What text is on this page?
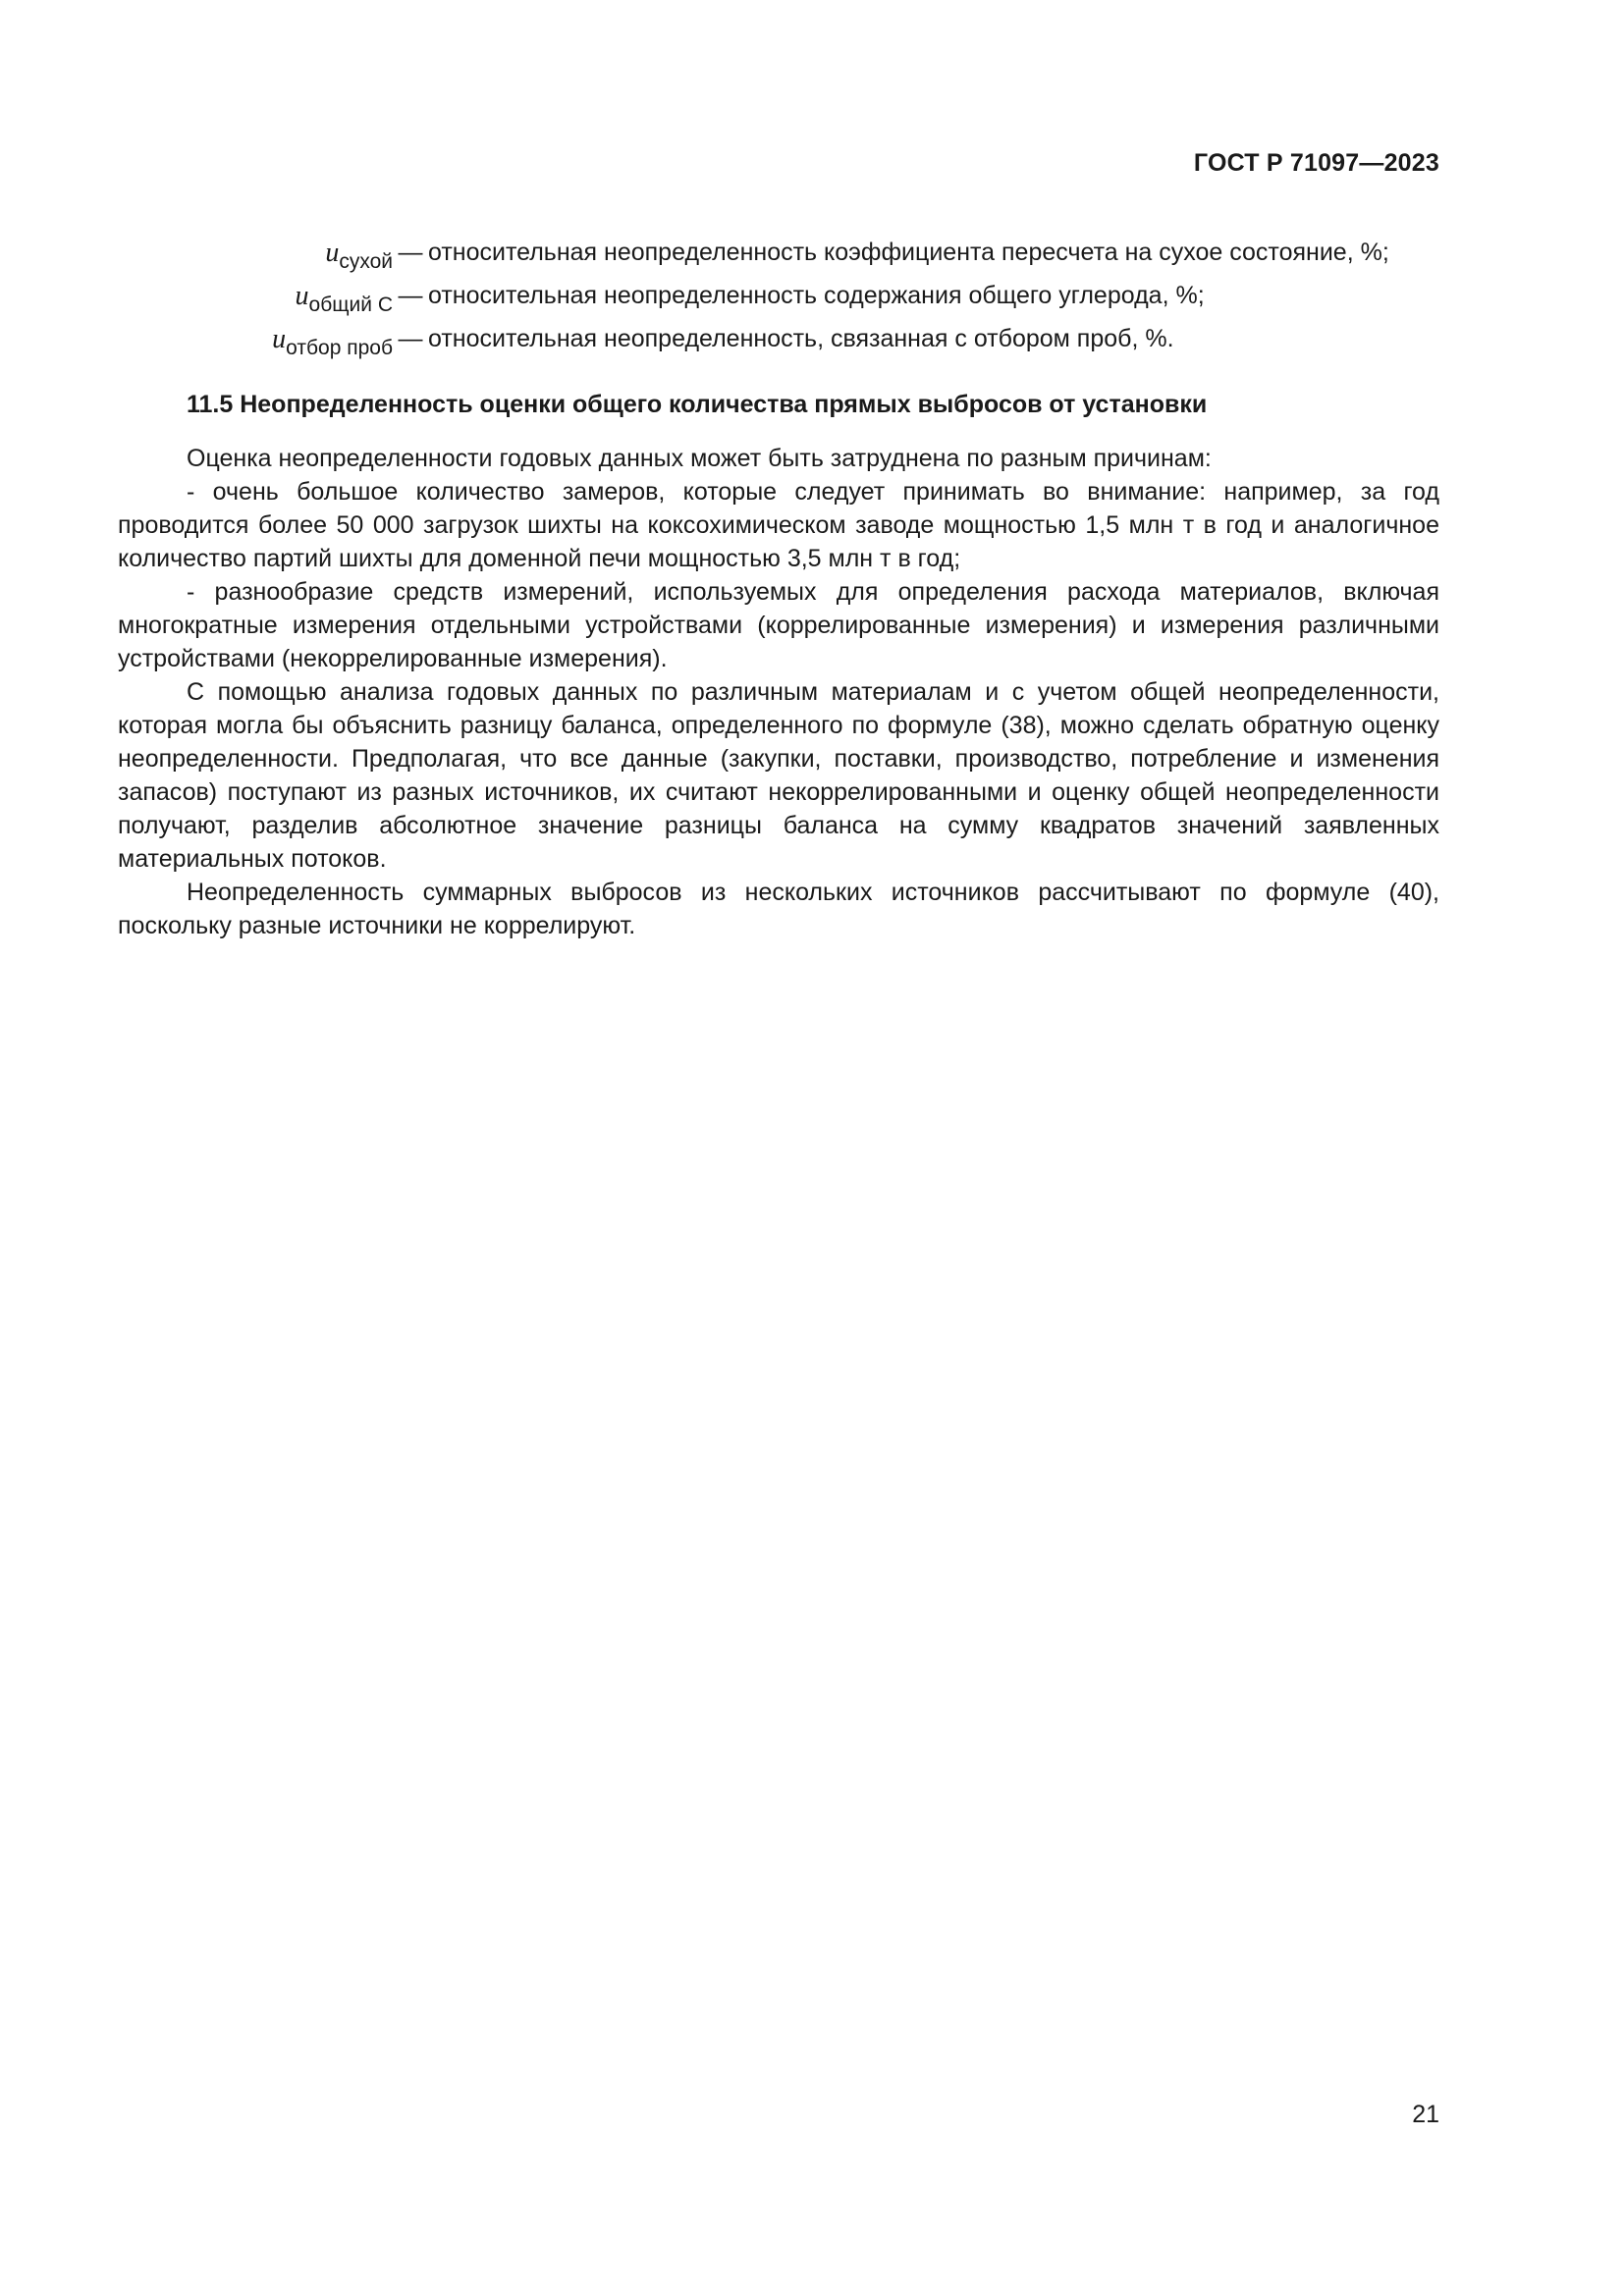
ГОСТ Р 71097—2023
$u_{сухой}$ — относительная неопределенность коэффициента пересчета на сухое состояние, %;
$u_{общий C}$ — относительная неопределенность содержания общего углерода, %;
$u_{отбор проб}$ — относительная неопределенность, связанная с отбором проб, %.
11.5 Неопределенность оценки общего количества прямых выбросов от установки

Оценка неопределенности годовых данных может быть затруднена по разным причинам:

- очень большое количество замеров, которые следует принимать во внимание: например, за год проводится более 50 000 загрузок шихты на коксохимическом заводе мощностью 1,5 млн т в год и аналогичное количество партий шихты для доменной печи мощностью 3,5 млн т в год;

- разнообразие средств измерений, используемых для определения расхода материалов, включая многократные измерения отдельными устройствами (коррелированные измерения) и измерения различными устройствами (некоррелированные измерения).

С помощью анализа годовых данных по различным материалам и с учетом общей неопределенности, которая могла бы объяснить разницу баланса, определенного по формуле (38), можно сделать обратную оценку неопределенности. Предполагая, что все данные (закупки, поставки, производство, потребление и изменения запасов) поступают из разных источников, их считают некоррелированными и оценку общей неопределенности получают, разделив абсолютное значение разницы баланса на сумму квадратов значений заявленных материальных потоков.

Неопределенность суммарных выбросов из нескольких источников рассчитывают по формуле (40), поскольку разные источники не коррелируют.

21
